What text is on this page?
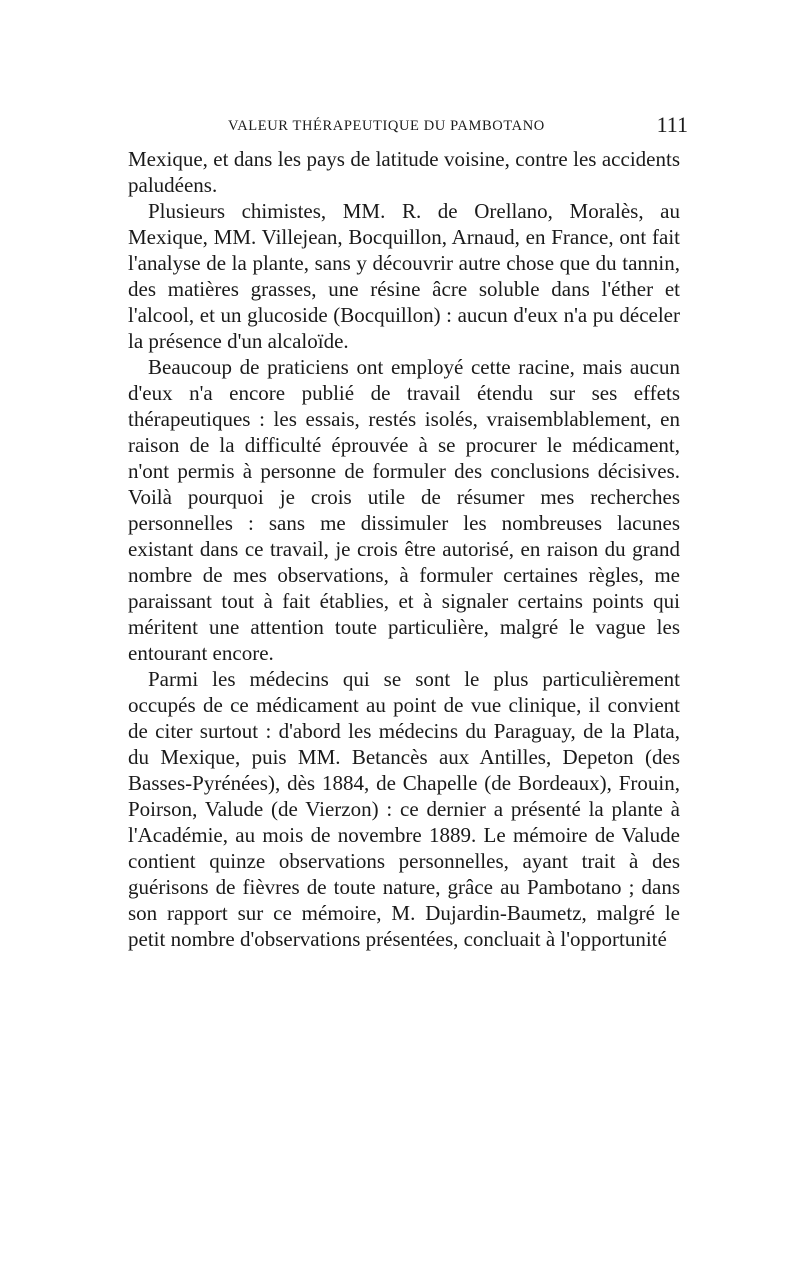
VALEUR THÉRAPEUTIQUE DU PAMBOTANO	111

Mexique, et dans les pays de latitude voisine, contre les accidents paludéens.

Plusieurs chimistes, MM. R. de Orellano, Moralès, au Mexique, MM. Villejean, Bocquillon, Arnaud, en France, ont fait l'analyse de la plante, sans y découvrir autre chose que du tannin, des matières grasses, une résine âcre soluble dans l'éther et l'alcool, et un glucoside (Bocquillon) : aucun d'eux n'a pu déceler la présence d'un alcaloïde.

Beaucoup de praticiens ont employé cette racine, mais aucun d'eux n'a encore publié de travail étendu sur ses effets thérapeutiques : les essais, restés isolés, vraisemblablement, en raison de la difficulté éprouvée à se procurer le médicament, n'ont permis à personne de formuler des conclusions décisives. Voilà pourquoi je crois utile de résumer mes recherches personnelles : sans me dissimuler les nombreuses lacunes existant dans ce travail, je crois être autorisé, en raison du grand nombre de mes observations, à formuler certaines règles, me paraissant tout à fait établies, et à signaler certains points qui méritent une attention toute particulière, malgré le vague les entourant encore.

Parmi les médecins qui se sont le plus particulièrement occupés de ce médicament au point de vue clinique, il convient de citer surtout : d'abord les médecins du Paraguay, de la Plata, du Mexique, puis MM. Betancès aux Antilles, Depeton (des Basses-Pyrénées), dès 1884, de Chapelle (de Bordeaux), Frouin, Poirson, Valude (de Vierzon) : ce dernier a présenté la plante à l'Académie, au mois de novembre 1889. Le mémoire de Valude contient quinze observations personnelles, ayant trait à des guérisons de fièvres de toute nature, grâce au Pambotano ; dans son rapport sur ce mémoire, M. Dujardin-Baumetz, malgré le petit nombre d'observations présentées, concluait à l'opportunité
